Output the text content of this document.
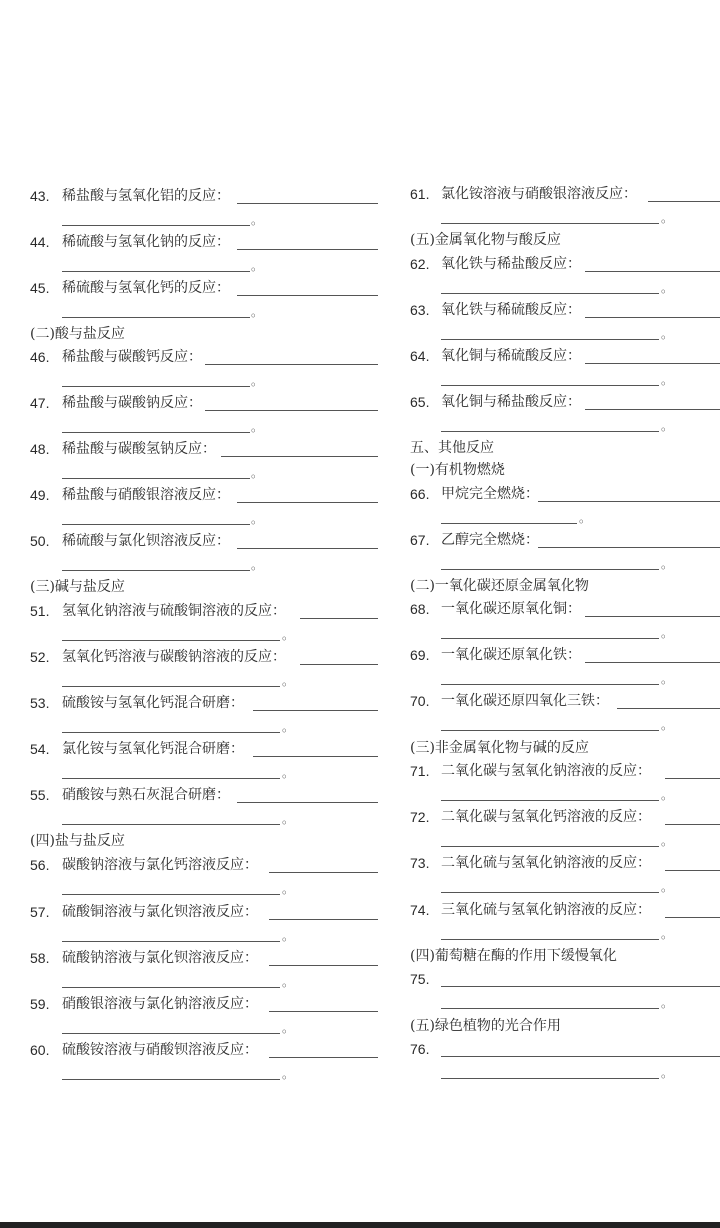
43. 稀盐酸与氢氧化铝的反应：
。
44. 稀硫酸与氢氧化钠的反应：
。
45. 稀硫酸与氢氧化钙的反应：
。
(二)酸与盐反应
46. 稀盐酸与碳酸钙反应：
。
47. 稀盐酸与碳酸钠反应：
。
48. 稀盐酸与碳酸氢钠反应：
。
49. 稀盐酸与硝酸银溶液反应：
。
50. 稀硫酸与氯化钡溶液反应：
。
(三)碱与盐反应
51. 氢氧化钠溶液与硫酸铜溶液的反应：
。
52. 氢氧化钙溶液与碳酸钠溶液的反应：
。
53. 硫酸铵与氢氧化钙混合研磨：
。
54. 氯化铵与氢氧化钙混合研磨：
。
55. 硝酸铵与熟石灰混合研磨：
。
(四)盐与盐反应
56. 碳酸钠溶液与氯化钙溶液反应：
。
57. 硫酸铜溶液与氯化钡溶液反应：
。
58. 硫酸钠溶液与氯化钡溶液反应：
。
59. 硝酸银溶液与氯化钠溶液反应：
。
60. 硫酸铵溶液与硝酸钡溶液反应：
。
61. 氯化铵溶液与硝酸银溶液反应：
。
(五)金属氧化物与酸反应
62. 氧化铁与稀盐酸反应：
。
63. 氧化铁与稀硫酸反应：
。
64. 氧化铜与稀硫酸反应：
。
65. 氧化铜与稀盐酸反应：
。
五、其他反应
(一)有机物燃烧
66. 甲烷完全燃烧：
。
67. 乙醇完全燃烧：
。
(二)一氧化碳还原金属氧化物
68. 一氧化碳还原氧化铜：
。
69. 一氧化碳还原氧化铁：
。
70. 一氧化碳还原四氧化三铁：
。
(三)非金属氧化物与碱的反应
71. 二氧化碳与氢氧化钠溶液的反应：
。
72. 二氧化碳与氢氧化钙溶液的反应：
。
73. 二氧化硫与氢氧化钠溶液的反应：
。
74. 三氧化硫与氢氧化钠溶液的反应：
。
(四)葡萄糖在酶的作用下缓慢氧化
75.
。
(五)绿色植物的光合作用
76.
。
